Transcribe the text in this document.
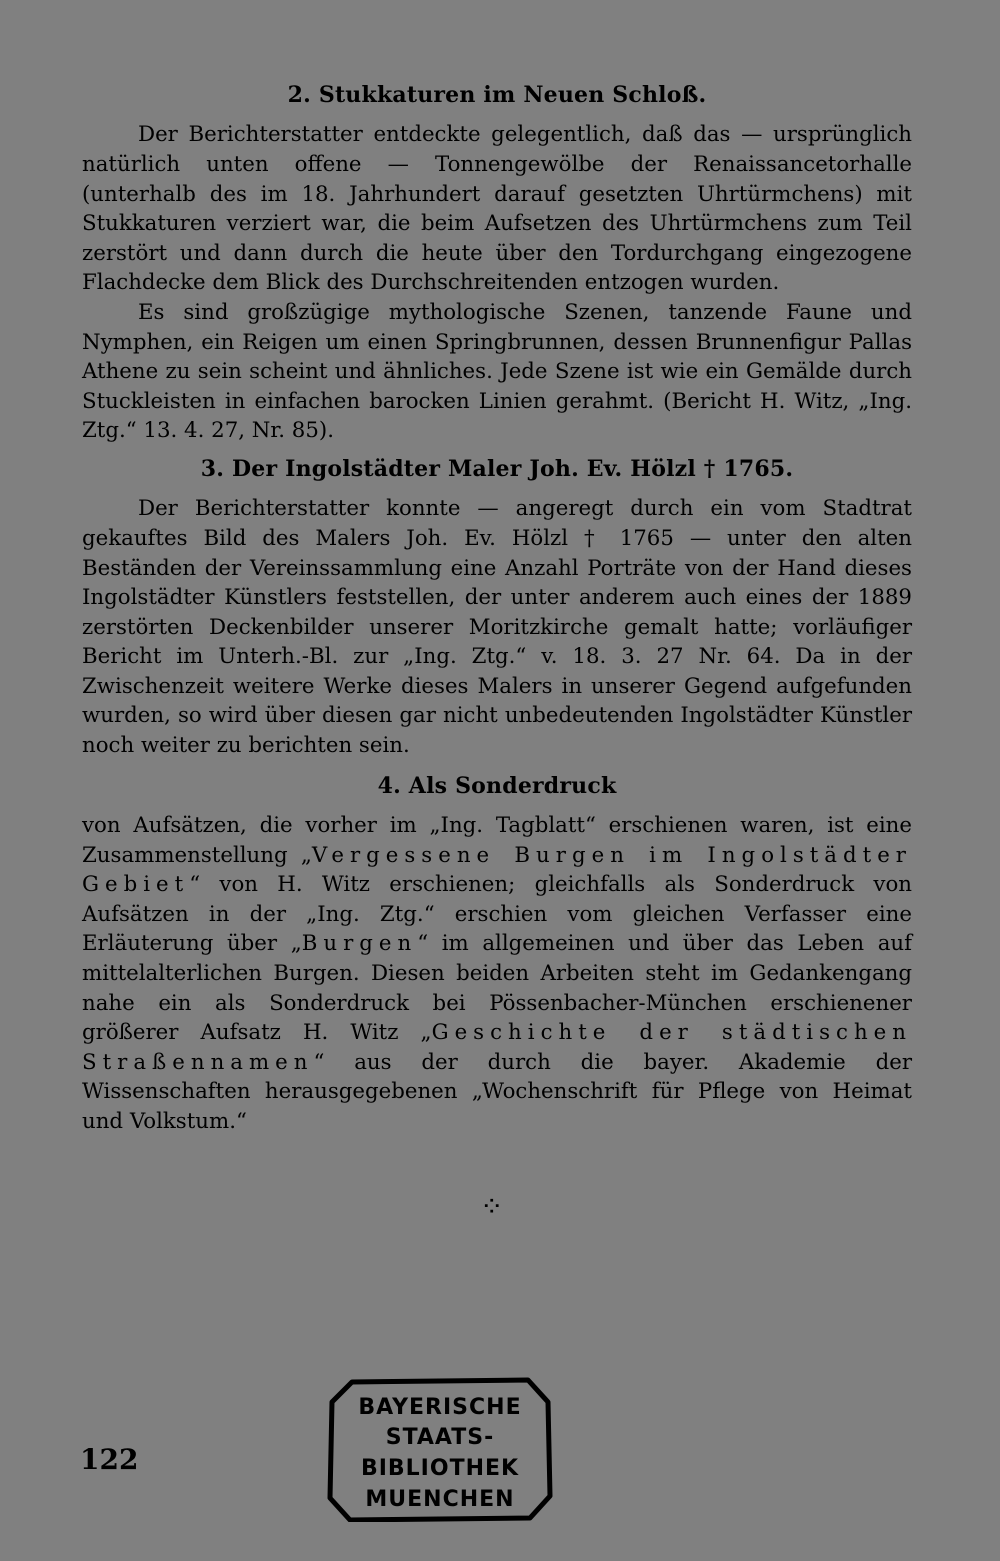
2. Stukkaturen im Neuen Schloß.

Der Berichterstatter entdeckte gelegentlich, daß das — ursprünglich natürlich unten offene — Tonnengewölbe der Renaissancetorhalle (unterhalb des im 18. Jahrhundert darauf gesetzten Uhrtürmchens) mit Stukkaturen verziert war, die beim Aufsetzen des Uhrtürmchens zum Teil zerstört und dann durch die heute über den Tordurchgang eingezogene Flachdecke dem Blick des Durchschreitenden entzogen wurden.

Es sind großzügige mythologische Szenen, tanzende Faune und Nymphen, ein Reigen um einen Springbrunnen, dessen Brunnenfigur Pallas Athene zu sein scheint und ähnliches. Jede Szene ist wie ein Gemälde durch Stuckleisten in einfachen barocken Linien gerahmt. (Bericht H. Witz, „Ing. Ztg.“ 13. 4. 27, Nr. 85).

3. Der Ingolstädter Maler Joh. Ev. Hölzl † 1765.

Der Berichterstatter konnte — angeregt durch ein vom Stadtrat gekauftes Bild des Malers Joh. Ev. Hölzl † 1765 — unter den alten Beständen der Vereinssammlung eine Anzahl Porträte von der Hand dieses Ingolstädter Künstlers feststellen, der unter anderem auch eines der 1889 zerstörten Deckenbilder unserer Moritzkirche gemalt hatte; vorläufiger Bericht im Unterh.-Bl. zur „Ing. Ztg.“ v. 18. 3. 27 Nr. 64. Da in der Zwischenzeit weitere Werke dieses Malers in unserer Gegend aufgefunden wurden, so wird über diesen gar nicht unbedeutenden Ingolstädter Künstler noch weiter zu berichten sein.

4. Als Sonderdruck

von Aufsätzen, die vorher im „Ing. Tagblatt“ erschienen waren, ist eine Zusammenstellung „Vergessene Burgen im Ingolstädter Gebiet“ von H. Witz erschienen; gleichfalls als Sonderdruck von Aufsätzen in der „Ing. Ztg.“ erschien vom gleichen Verfasser eine Erläuterung über „Burgen“ im allgemeinen und über das Leben auf mittelalterlichen Burgen. Diesen beiden Arbeiten steht im Gedankengang nahe ein als Sonderdruck bei Pössenbacher-München erschienener größerer Aufsatz H. Witz „Geschichte der städtischen Straßennamen“ aus der durch die bayer. Akademie der Wissenschaften herausgegebenen „Wochenschrift für Pflege von Heimat und Volkstum.“

⁘
BAYERISCHE
STAATS-
BIBLIOTHEK
MUENCHEN
122
